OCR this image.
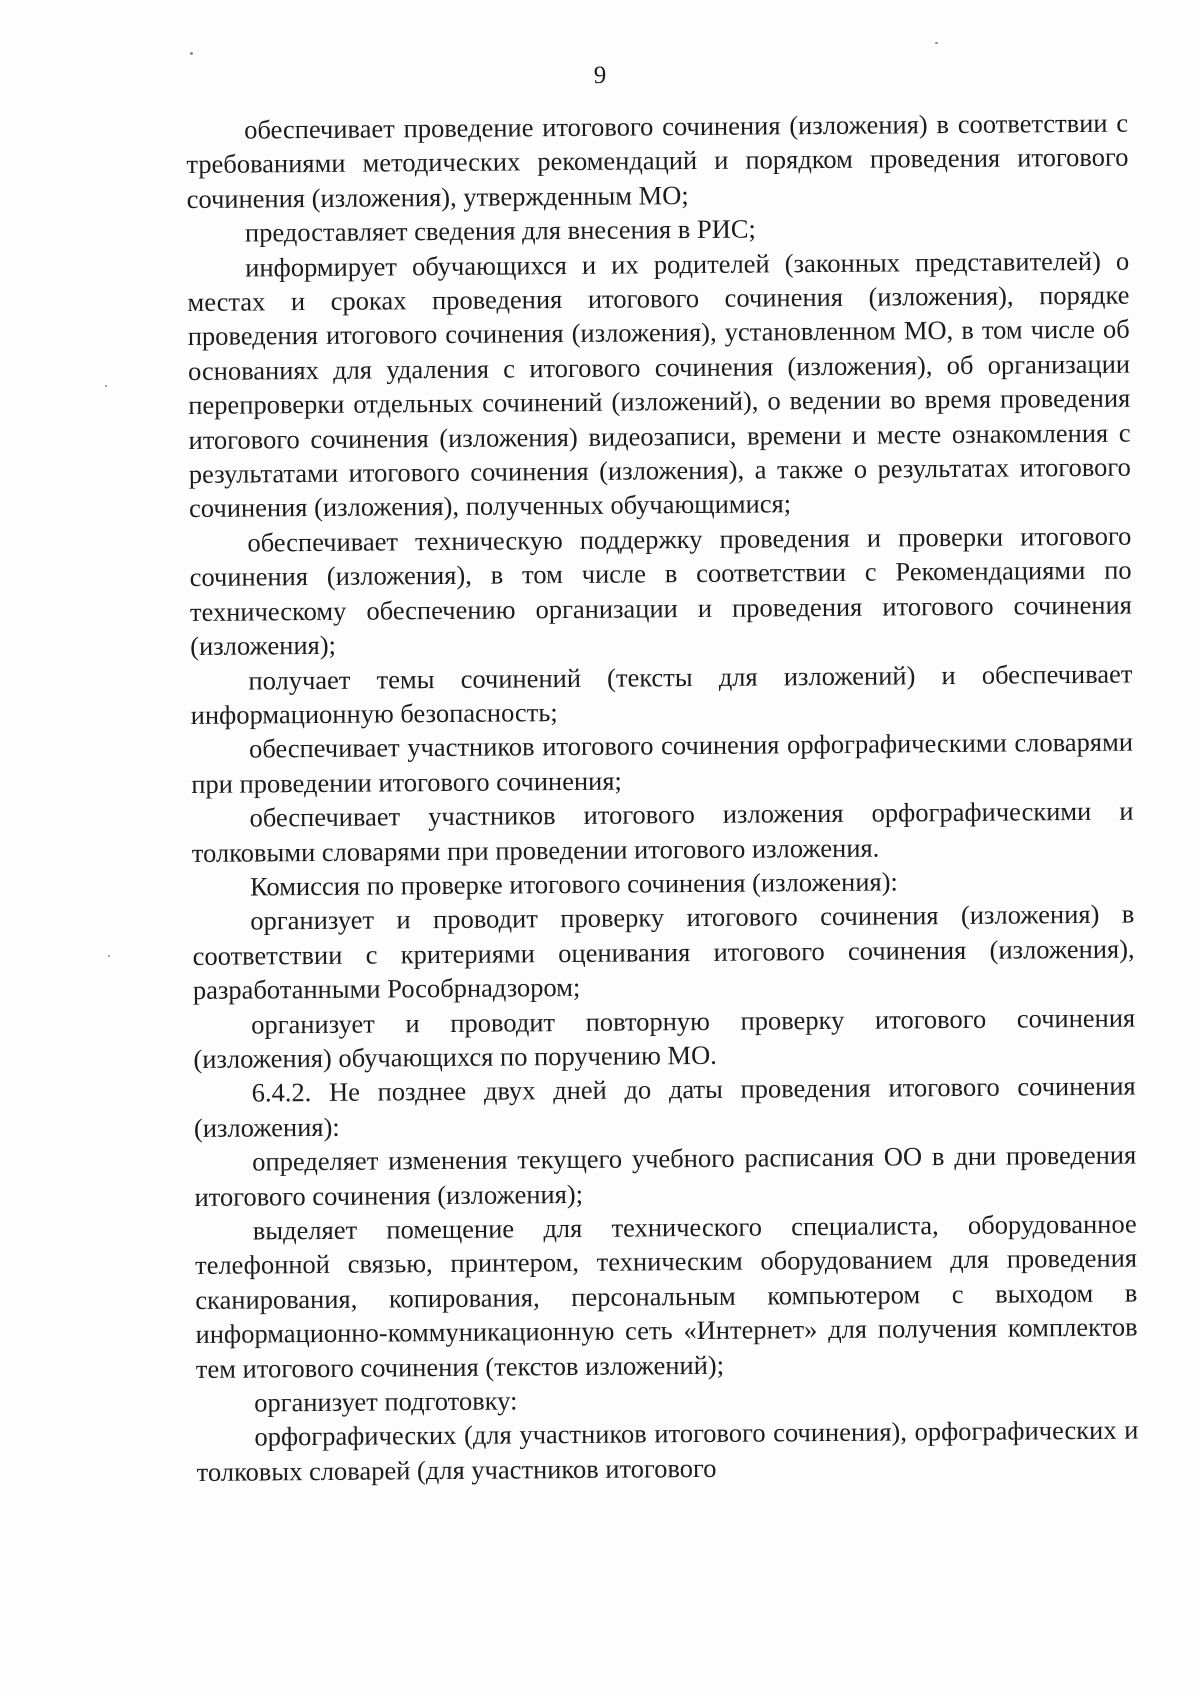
9

обеспечивает проведение итогового сочинения (изложения) в соответствии с требованиями методических рекомендаций и порядком проведения итогового сочинения (изложения), утвержденным МО;

предоставляет сведения для внесения в РИС;

информирует обучающихся и их родителей (законных представителей) о местах и сроках проведения итогового сочинения (изложения), порядке проведения итогового сочинения (изложения), установленном МО, в том числе об основаниях для удаления с итогового сочинения (изложения), об организации перепроверки отдельных сочинений (изложений), о ведении во время проведения итогового сочинения (изложения) видеозаписи, времени и месте ознакомления с результатами итогового сочинения (изложения), а также о результатах итогового сочинения (изложения), полученных обучающимися;

обеспечивает техническую поддержку проведения и проверки итогового сочинения (изложения), в том числе в соответствии с Рекомендациями по техническому обеспечению организации и проведения итогового сочинения (изложения);

получает темы сочинений (тексты для изложений) и обеспечивает информационную безопасность;

обеспечивает участников итогового сочинения орфографическими словарями при проведении итогового сочинения;

обеспечивает участников итогового изложения орфографическими и толковыми словарями при проведении итогового изложения.

Комиссия по проверке итогового сочинения (изложения):

организует и проводит проверку итогового сочинения (изложения) в соответствии с критериями оценивания итогового сочинения (изложения), разработанными Рособрнадзором;

организует и проводит повторную проверку итогового сочинения (изложения) обучающихся по поручению МО.

6.4.2. Не позднее двух дней до даты проведения итогового сочинения (изложения):

определяет изменения текущего учебного расписания ОО в дни проведения итогового сочинения (изложения);

выделяет помещение для технического специалиста, оборудованное телефонной связью, принтером, техническим оборудованием для проведения сканирования, копирования, персональным компьютером с выходом в информационно-коммуникационную сеть «Интернет» для получения комплектов тем итогового сочинения (текстов изложений);

организует подготовку:

орфографических (для участников итогового сочинения), орфографических и толковых словарей (для участников итогового
